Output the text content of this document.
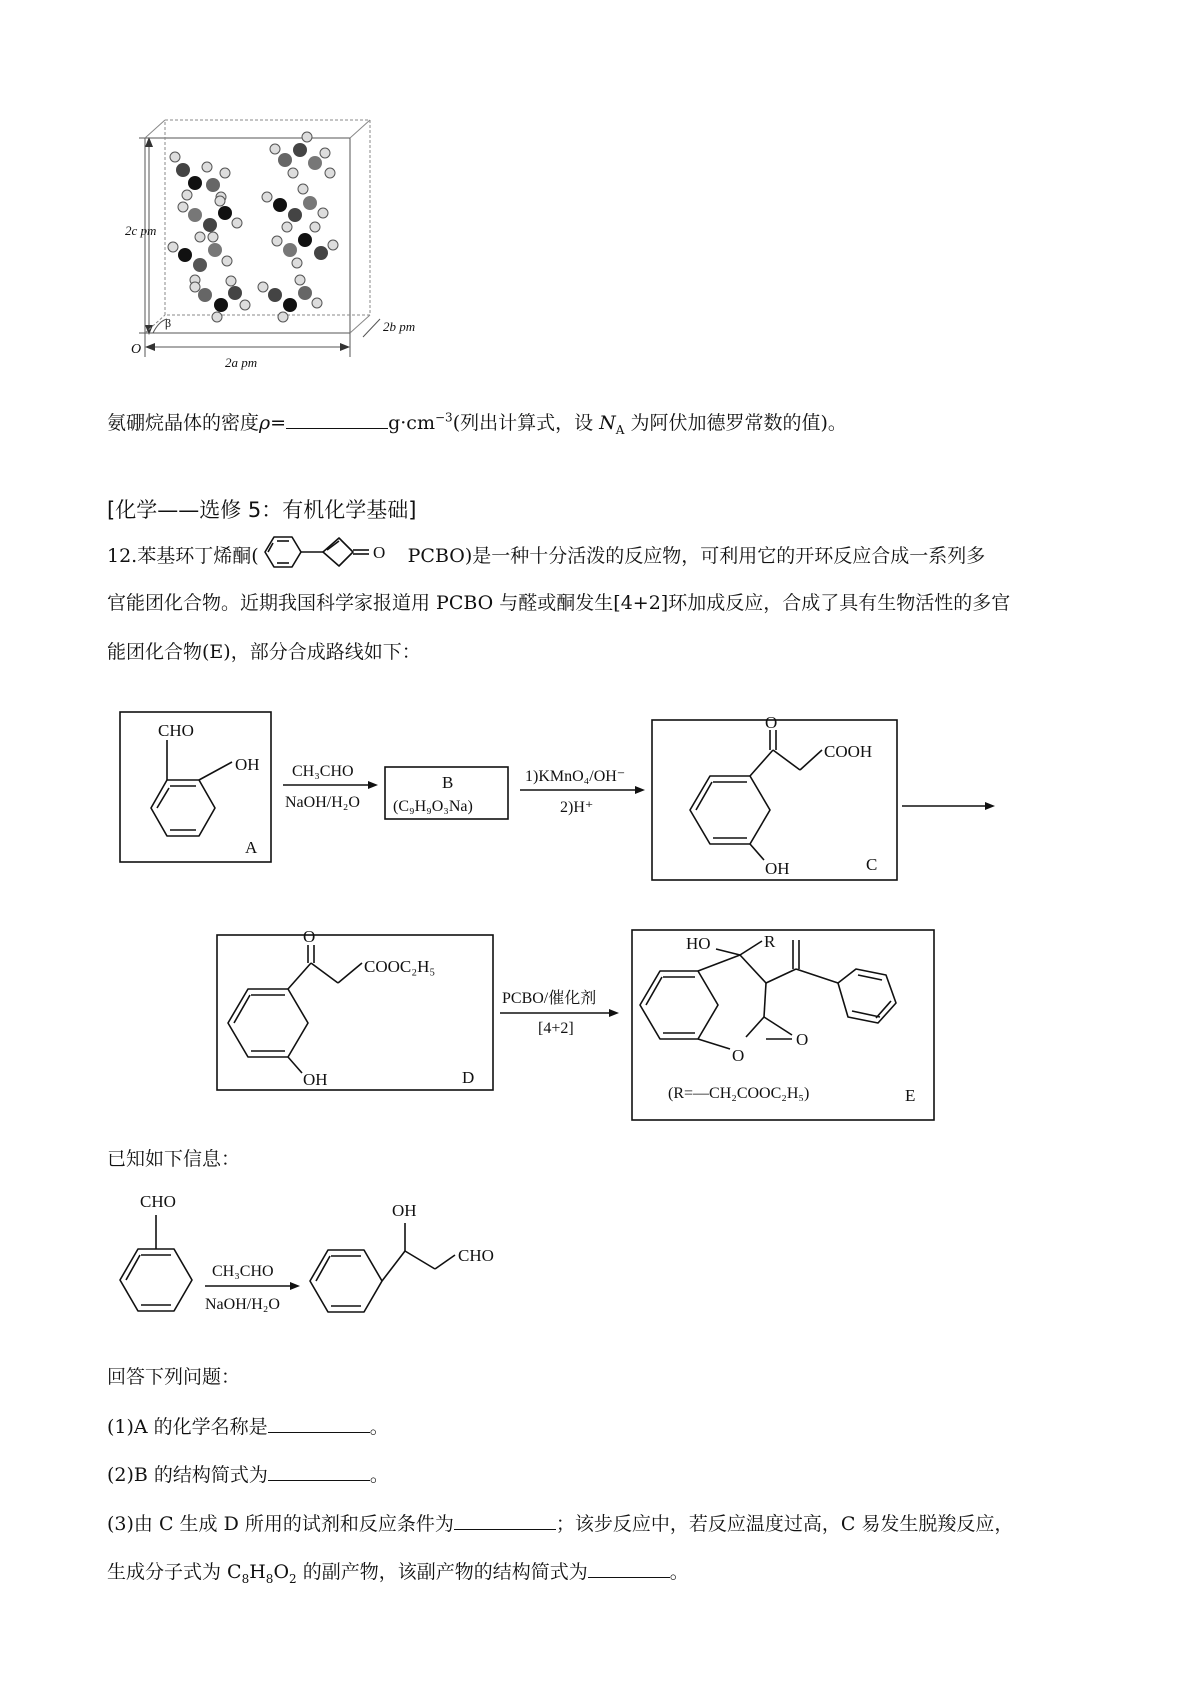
2c pm
β
O
2a pm
2b pm
氨硼烷晶体的密度ρ=	$g\cdot cm^{-3}$(列出计算式，设 $N_A$ 为阿伏加德罗常数的值)。
[化学——选修 5：有机化学基础]
12.苯基环丁烯酮(	O PCBO)是一种十分活泼的反应物，可利用它的开环反应合成一系列多
官能团化合物。近期我国科学家报道用 PCBO 与醛或酮发生[4+2]环加成反应，合成了具有生物活性的多官
能团化合物(E)，部分合成路线如下：
CHO
OH
A
CH₃CHO
NaOH/H₂O
B
(C₉H₉O₃Na)
1)KMnO₄/OH⁻
2)H⁺
O
COOH
OH	C
O
COOC₂H₅
OH	D
PCBO/催化剂
[4+2]
HO	R
O
O
(R=—CH₂COOC₂H₅)	E
已知如下信息：
CHO
CH₃CHO
NaOH/H₂O
OH
CHO
回答下列问题：
(1)A 的化学名称是	。
(2)B 的结构简式为	。
(3)由 C 生成 D 所用的试剂和反应条件为	；该步反应中，若反应温度过高，C 易发生脱羧反应，
生成分子式为 $C_8H_8O_2$ 的副产物，该副产物的结构简式为	。
